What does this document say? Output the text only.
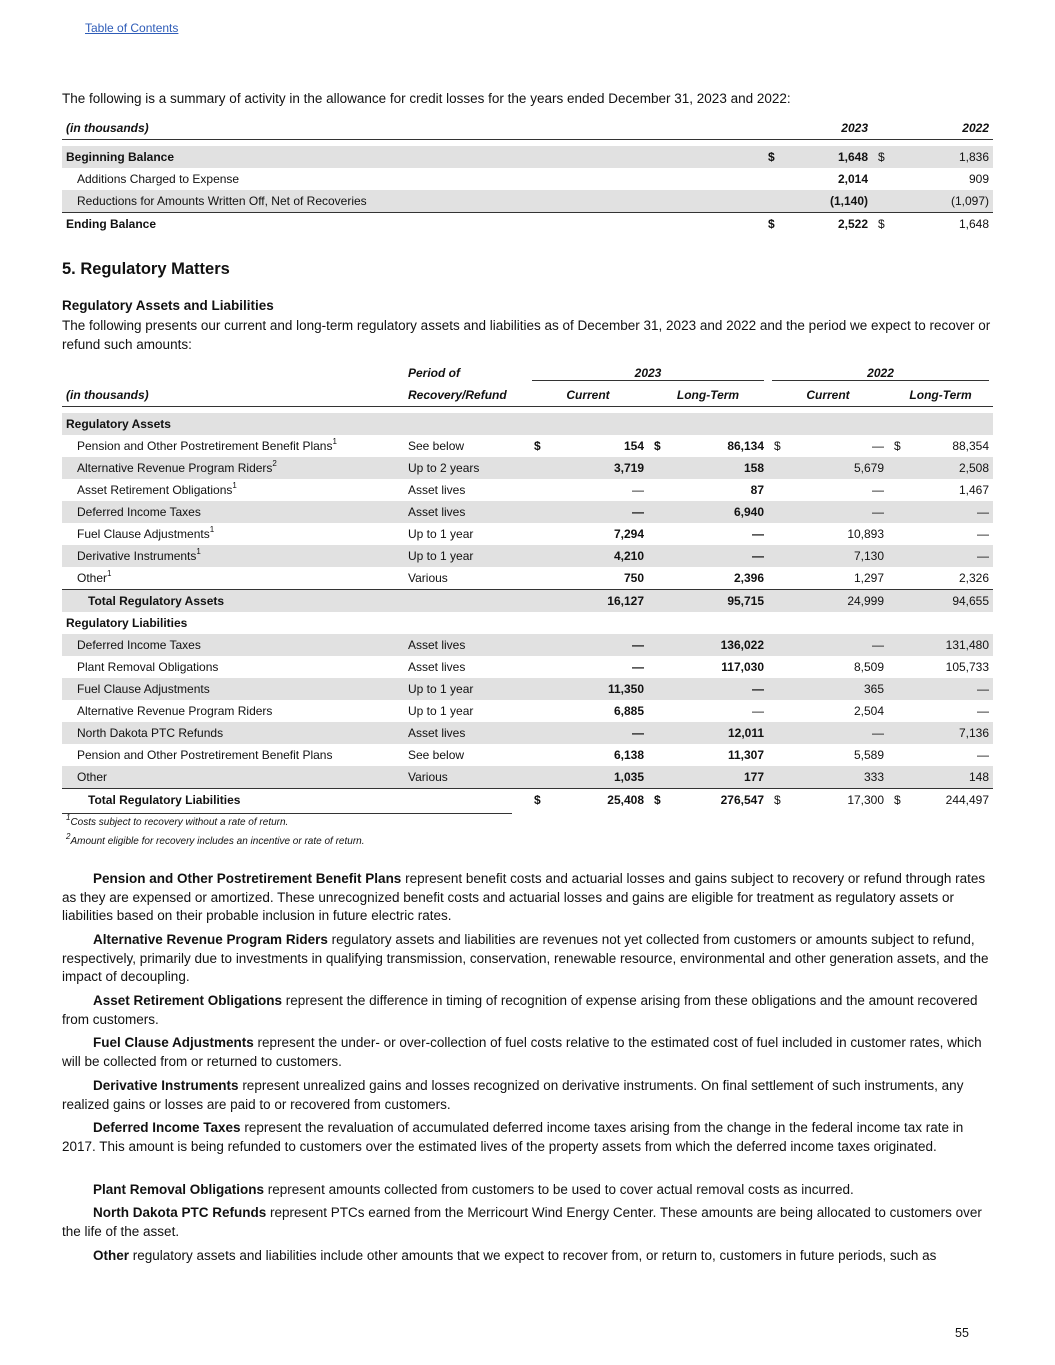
Table of Contents
The following is a summary of activity in the allowance for credit losses for the years ended December 31, 2023 and 2022:
(in thousands)		2023		2022

Beginning Balance	$	1,648	$	1,836
Additions Charged to Expense		2,014		909
Reductions for Amounts Written Off, Net of Recoveries		(1,140)		(1,097)
Ending Balance	$	2,522	$	1,648
5. Regulatory Matters
Regulatory Assets and Liabilities
The following presents our current and long-term regulatory assets and liabilities as of December 31, 2023 and 2022 and the period we expect to recover or refund such amounts:
	Period of	2023				2022			

(in thousands)	Recovery/Refund	Current		Long-Term		Current		Long-Term	

Regulatory Assets									
Pension and Other Postretirement Benefit Plans$^1$	See below	$	154	$	86,134	$	—	$	88,354
Alternative Revenue Program Riders$^2$	Up to 2 years		3,719		158		5,679		2,508
Asset Retirement Obligations$^1$	Asset lives		—		87		—		1,467
Deferred Income Taxes	Asset lives		—		6,940		—		—
Fuel Clause Adjustments$^1$	Up to 1 year		7,294		—		10,893		—
Derivative Instruments$^1$	Up to 1 year		4,210		—		7,130		—
Other$^1$	Various		750		2,396		1,297		2,326
Total Regulatory Assets			16,127		95,715		24,999		94,655
Regulatory Liabilities									
Deferred Income Taxes	Asset lives		—		136,022		—		131,480
Plant Removal Obligations	Asset lives		—		117,030		8,509		105,733
Fuel Clause Adjustments	Up to 1 year		11,350		—		365		—
Alternative Revenue Program Riders	Up to 1 year		6,885		—		2,504		—
North Dakota PTC Refunds	Asset lives		—		12,011		—		7,136
Pension and Other Postretirement Benefit Plans	See below		6,138		11,307		5,589		—
Other	Various		1,035		177		333		148
Total Regulatory Liabilities		$	25,408	$	276,547	$	17,300	$	244,497
$^1$Costs subject to recovery without a rate of return.
$^2$Amount eligible for recovery includes an incentive or rate of return.
Pension and Other Postretirement Benefit Plans represent benefit costs and actuarial losses and gains subject to recovery or refund through rates as they are expensed or amortized. These unrecognized benefit costs and actuarial losses and gains are eligible for treatment as regulatory assets or liabilities based on their probable inclusion in future electric rates.
Alternative Revenue Program Riders regulatory assets and liabilities are revenues not yet collected from customers or amounts subject to refund, respectively, primarily due to investments in qualifying transmission, conservation, renewable resource, environmental and other generation assets, and the impact of decoupling.
Asset Retirement Obligations represent the difference in timing of recognition of expense arising from these obligations and the amount recovered from customers.
Fuel Clause Adjustments represent the under- or over-collection of fuel costs relative to the estimated cost of fuel included in customer rates, which will be collected from or returned to customers.
Derivative Instruments represent unrealized gains and losses recognized on derivative instruments. On final settlement of such instruments, any realized gains or losses are paid to or recovered from customers.
Deferred Income Taxes represent the revaluation of accumulated deferred income taxes arising from the change in the federal income tax rate in 2017. This amount is being refunded to customers over the estimated lives of the property assets from which the deferred income taxes originated.
Plant Removal Obligations represent amounts collected from customers to be used to cover actual removal costs as incurred.
North Dakota PTC Refunds represent PTCs earned from the Merricourt Wind Energy Center. These amounts are being allocated to customers over the life of the asset.
Other regulatory assets and liabilities include other amounts that we expect to recover from, or return to, customers in future periods, such as
55
